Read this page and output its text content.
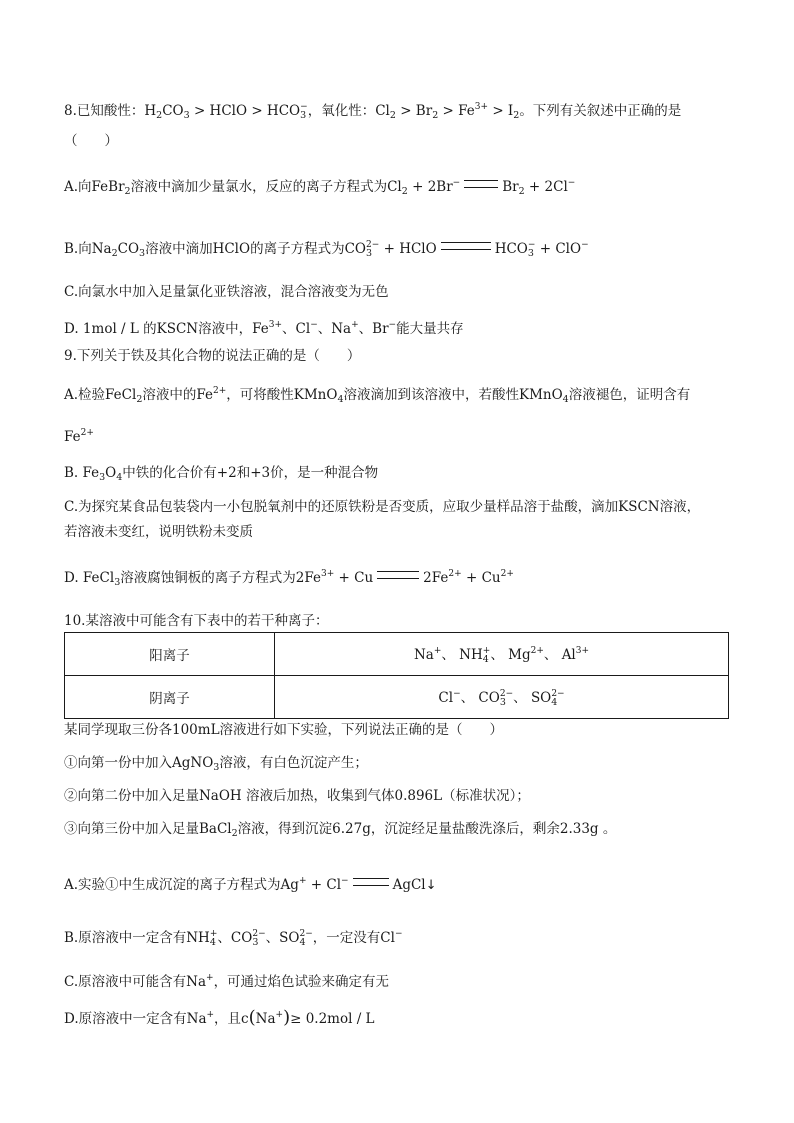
8.已知酸性：$H_2CO_3$ > HClO > $HCO_3^-$，氧化性：$Cl_2 > Br_2 > Fe^{3+} > I_2$。下列有关叙述中正确的是
（　　）
A.向FeBr$_2$溶液中滴加少量氯水，反应的离子方程式为$Cl_2 + 2Br^-$	$Br_2 + 2Cl^-$
B.向$Na_2CO_3$溶液中滴加HClO的离子方程式为$CO_3^{2-}$ + HClO	$HCO_3^- + ClO^-$
C.向氯水中加入足量氯化亚铁溶液，混合溶液变为无色
D. 1mol / L 的KSCN溶液中，$Fe^{3+}$、Cl−、Na+、Br−能大量共存
9.下列关于铁及其化合物的说法正确的是（　　）
A.检验FeCl$_2$溶液中的$Fe^{2+}$，可将酸性KMnO$_4$溶液滴加到该溶液中，若酸性KMnO$_4$溶液褪色，证明含有
$Fe^{2+}$
B. $Fe_3O_4$中铁的化合价有+2和+3价，是一种混合物
C.为探究某食品包装袋内一小包脱氧剂中的还原铁粉是否变质，应取少量样品溶于盐酸，滴加KSCN溶液，
若溶液未变红，说明铁粉未变质
D. FeCl$_3$溶液腐蚀铜板的离子方程式为$2Fe^{3+} + Cu$	$2Fe^{2+} + Cu^{2+}$
10.某溶液中可能含有下表中的若干种离子：
阳离子	Na+、 $NH_4^+$、 $Mg^{2+}$、 $Al^{3+}$
阴离子	Cl−、 $CO_3^{2-}$、 $SO_4^{2-}$
某同学现取三份各100mL溶液进行如下实验，下列说法正确的是（　　）
①向第一份中加入AgNO$_3$溶液，有白色沉淀产生；
②向第二份中加入足量NaOH 溶液后加热，收集到气体0.896L（标准状况）；
③向第三份中加入足量BaCl$_2$溶液，得到沉淀6.27g，沉淀经足量盐酸洗涤后，剩余2.33g 。
A.实验①中生成沉淀的离子方程式为Ag+ + Cl−	AgCl↓
B.原溶液中一定含有$NH_4^+$、$CO_3^{2-}$、$SO_4^{2-}$，一定没有Cl−
C.原溶液中可能含有Na+，可通过焰色试验来确定有无
D.原溶液中一定含有Na+，且c(Na+)≥ 0.2mol / L
